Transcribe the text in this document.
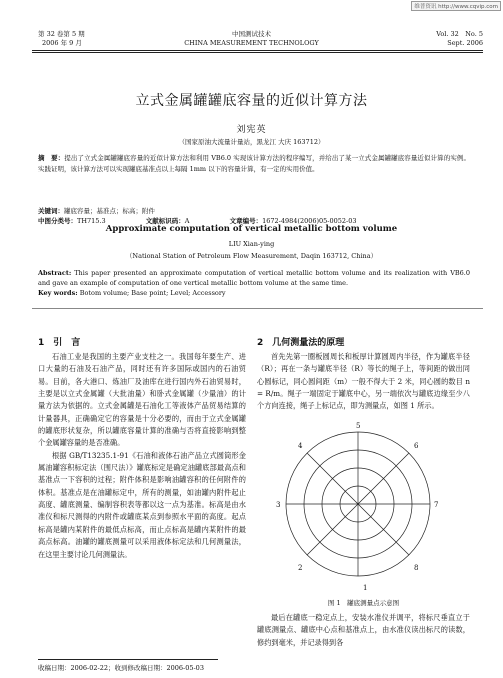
维普资讯 http://www.cqvip.com
第 32 卷第 5 期
2006 年 9 月
中国测试技术
CHINA MEASUREMENT TECHNOLOGY
Vol. 32　No. 5
Sept. 2006
立式金属罐罐底容量的近似计算方法
刘宪英
（国家原油大流量计量站，黑龙江 大庆 163712）
摘　要：提出了立式金属罐罐底容量的近似计算方法和利用 VB6.0 实现该计算方法的程序编写，并给出了某一立式金属罐罐底容量近似计算的实例。实践证明，该计算方法可以实现罐底基准点以上每隔 1mm 以下的容量计算，有一定的实用价值。
关键词：罐底容量；基准点；标高；附件
中图分类号：TH715.3	文献标识码：A	文章编号：1672-4984(2006)05-0052-03
Approximate computation of vertical metallic bottom volume
LIU Xian-ying
（National Station of Petroleum Flow Measurement, Daqin 163712, China）
Abstract: This paper presented an approximate computation of vertical metallic bottom volume and its realization with VB6.0 and gave an example of computation of one vertical metallic bottom volume at the same time.
Key words: Botom volume; Base point; Level; Accessory
1　引　言
石油工业是我国的主要产业支柱之一。我国每年要生产、进口大量的石油及石油产品，同时还有许多国际或国内的石油贸易。目前，各大港口、炼油厂及油库在进行国内外石油贸易时，主要是以立式金属罐（大批油量）和卧式金属罐（少量油）的计量方法为依据的。立式金属罐是石油化工等液体产品贸易结算的计量器具，正确确定它的容量是十分必要的，而由于立式金属罐的罐底形状复杂，所以罐底容量计算的准确与否将直接影响到整个金属罐容量的是否准确。
根据 GB/T13235.1-91《石油和液体石油产品立式圆筒形金属油罐容积标定法（围尺法）》罐底标定是确定油罐底部最高点和基准点一下容积的过程；附件体积是影响油罐容积的任何附件的体积。基准点是在油罐标定中，所有的测量，如油罐内附件起止高度、罐底测量、编制容积表等都以这一点为基准。标高是由水准仪和标尺测得的内附件或罐底某点到参照水平面的高度。起点标高是罐内某附件的最低点标高，而止点标高是罐内某附件的最高点标高。油罐的罐底测量可以采用液体标定法和几何测量法，在这里主要讨论几何测量法。
2　几何测量法的原理
首先先第一圈板圆周长和板厚计算圆周内半径，作为罐底半径（R）；再在一条与罐底半径（R）等长的绳子上，等间距的做出同心圆标记，同心圆间距（m）一般不得大于 2 米，同心圆的数目 n = R/m。绳子一端固定于罐底中心，另一端依次与罐底边缘至少八个方向连接，绳子上标记点，即为测量点，如图 1 所示。
1
2
3
4
5
6
7
8
图 1　罐底测量点示意图
最后在罐底一稳定点上，安装水准仪并调平，将标尺垂直立于罐底测量点、罐底中心点和基准点上，由水准仪读出标尺的读数，修约到毫米，并记录得到各
收稿日期：2006-02-22；收到修改稿日期：2006-05-03
